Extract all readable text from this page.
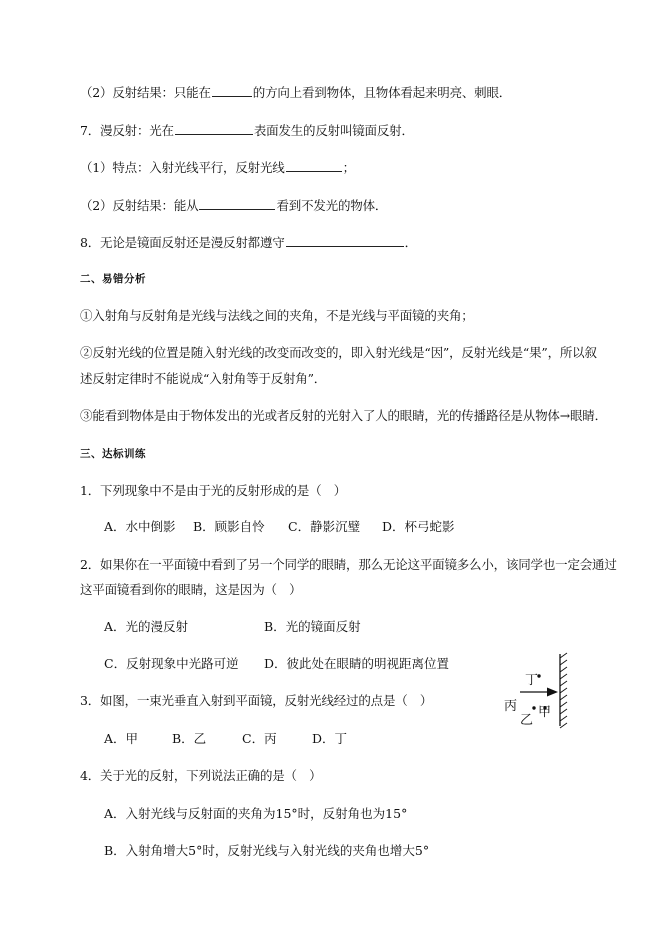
（2）反射结果：只能在	的方向上看到物体，且物体看起来明亮、刺眼．
7．漫反射：光在	表面发生的反射叫镜面反射．
（1）特点：入射光线平行，反射光线	；
（2）反射结果：能从	看到不发光的物体．
8．无论是镜面反射还是漫反射都遵守	．
二、易错分析
①入射角与反射角是光线与法线之间的夹角，不是光线与平面镜的夹角；
②反射光线的位置是随入射光线的改变而改变的，即入射光线是“因”，反射光线是“果”，所以叙
述反射定律时不能说成“入射角等于反射角”．
③能看到物体是由于物体发出的光或者反射的光射入了人的眼睛，光的传播路径是从物体→眼睛．
三、达标训练
1．下列现象中不是由于光的反射形成的是（　）
A．水中倒影 B．顾影自怜 C．静影沉璧 D．杯弓蛇影
2．如果你在一平面镜中看到了另一个同学的眼睛，那么无论这平面镜多么小，该同学也一定会通过
这平面镜看到你的眼睛，这是因为（　）
A．光的漫反射	B．光的镜面反射
C．反射现象中光路可逆 D．彼此处在眼睛的明视距离位置
3．如图，一束光垂直入射到平面镜，反射光线经过的点是（　）
A．甲	B．乙	C．丙	D．丁
丁
丙
乙
甲
4．关于光的反射，下列说法正确的是（　）
A．入射光线与反射面的夹角为15°时，反射角也为15°
B．入射角增大5°时，反射光线与入射光线的夹角也增大5°
